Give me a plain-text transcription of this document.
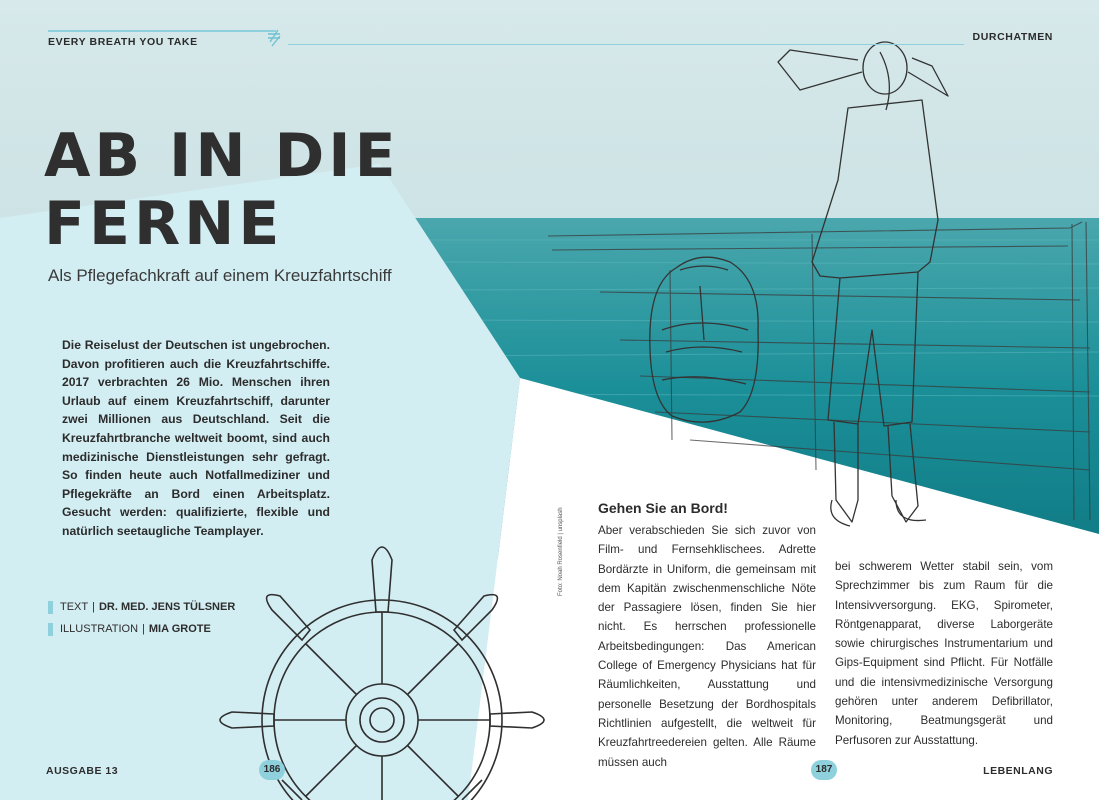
EVERY BREATH YOU TAKE	DURCHATMEN
AB IN DIE
FERNE
Als Pflegefachkraft auf einem Kreuzfahrtschiff
Die Reiselust der Deutschen ist ungebrochen. Davon profitieren auch die Kreuzfahrtschiffe. 2017 verbrachten 26 Mio. Menschen ihren Urlaub auf einem Kreuzfahrtschiff, darunter zwei Millionen aus Deutschland. Seit die Kreuzfahrtbranche weltweit boomt, sind auch medizinische Dienstleistungen sehr gefragt. So finden heute auch Notfallmediziner und Pflegekräfte an Bord einen Arbeitsplatz. Gesucht werden: qualifizierte, flexible und natürlich seetaugliche Teamplayer.
TEXT | DR. MED. JENS TÜLSNER
ILLUSTRATION | MIA GROTE
Foto: Noah Rosenfield | unsplash Gehen Sie an Bord!
Aber verabschieden Sie sich zuvor von Film- und Fernsehklischees. Adrette Bordärzte in Uniform, die gemeinsam mit dem Kapitän zwischenmenschliche Nöte der Passagiere lösen, finden Sie hier nicht. Es herrschen professionelle Arbeitsbedingungen: Das American College of Emergency Physicians hat für Räumlichkeiten, Ausstattung und personelle Besetzung der Bordhospitals Richtlinien aufgestellt, die weltweit für Kreuzfahrtreedereien gelten. Alle Räume müssen auch
bei schwerem Wetter stabil sein, vom Sprechzimmer bis zum Raum für die Intensivversorgung. EKG, Spirometer, Röntgenapparat, diverse Laborgeräte sowie chirurgisches Instrumentarium und Gips-Equipment sind Pflicht. Für Notfälle und die intensivmedizinische Versorgung gehören unter anderem Defibrillator, Monitoring, Beatmungsgerät und Perfusoren zur Ausstattung.
AUSGABE 13	186	187	LEBENLANG
